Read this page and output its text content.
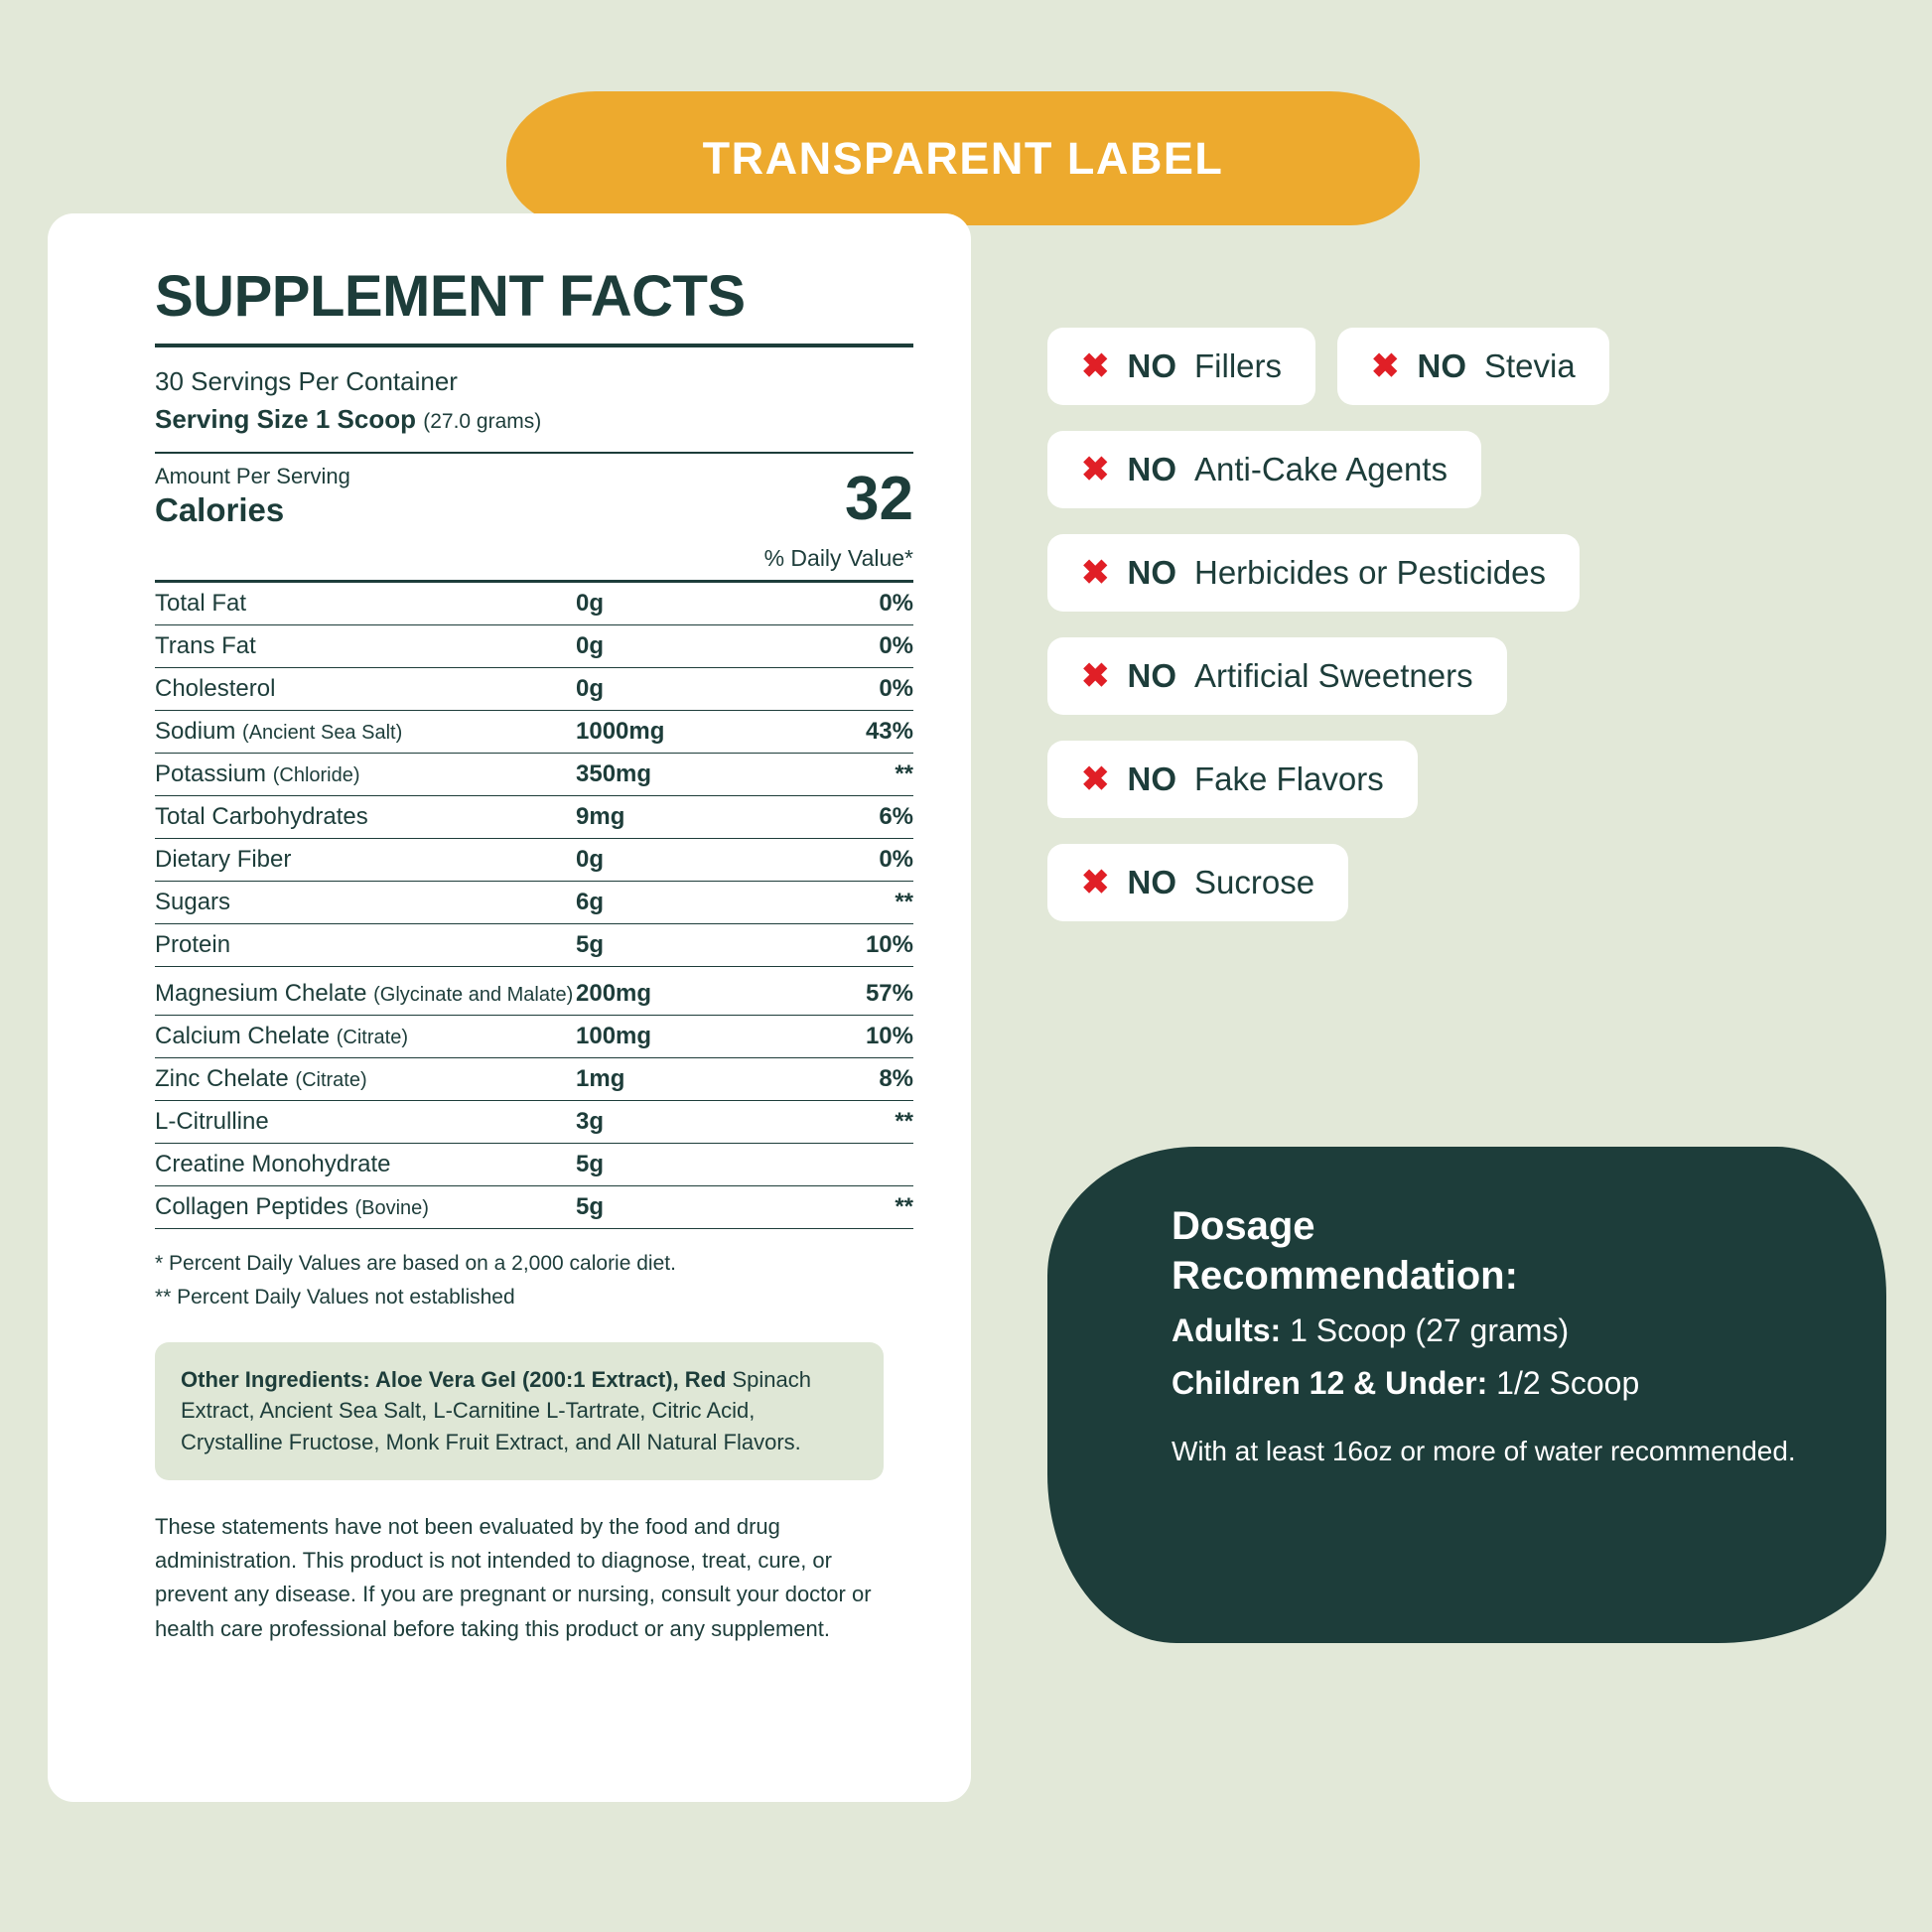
TRANSPARENT LABEL
SUPPLEMENT FACTS
30 Servings Per Container
Serving Size 1 Scoop (27.0 grams)
Amount Per Serving
Calories	32
% Daily Value*
Total Fat	0g	0%
Trans Fat	0g	0%
Cholesterol	0g	0%
Sodium (Ancient Sea Salt)	1000mg	43%
Potassium (Chloride)	350mg	**
Total Carbohydrates	9mg	6%
Dietary Fiber	0g	0%
Sugars	6g	**
Protein	5g	10%

Magnesium Chelate (Glycinate and Malate)	200mg	57%
Calcium Chelate (Citrate)	100mg	10%
Zinc Chelate (Citrate)	1mg	8%
L-Citrulline	3g	**
Creatine Monohydrate	5g	
Collagen Peptides (Bovine)	5g	**
* Percent Daily Values are based on a 2,000 calorie diet.
** Percent Daily Values not established
Other Ingredients: Aloe Vera Gel (200:1 Extract), Red Spinach Extract, Ancient Sea Salt, L-Carnitine L-Tartrate, Citric Acid, Crystalline Fructose, Monk Fruit Extract, and All Natural Flavors.
These statements have not been evaluated by the food and drug administration. This product is not intended to diagnose, treat, cure, or prevent any disease. If you are pregnant or nursing, consult your doctor or health care professional before taking this product or any supplement.
✖ NO Fillers	✖ NO Stevia
✖ NO Anti-Cake Agents
✖ NO Herbicides or Pesticides
✖ NO Artificial Sweetners
✖ NO Fake Flavors
✖ NO Sucrose
Dosage
Recommendation:
Adults: 1 Scoop (27 grams)
Children 12 & Under: 1/2 Scoop
With at least 16oz or more of water recommended.
